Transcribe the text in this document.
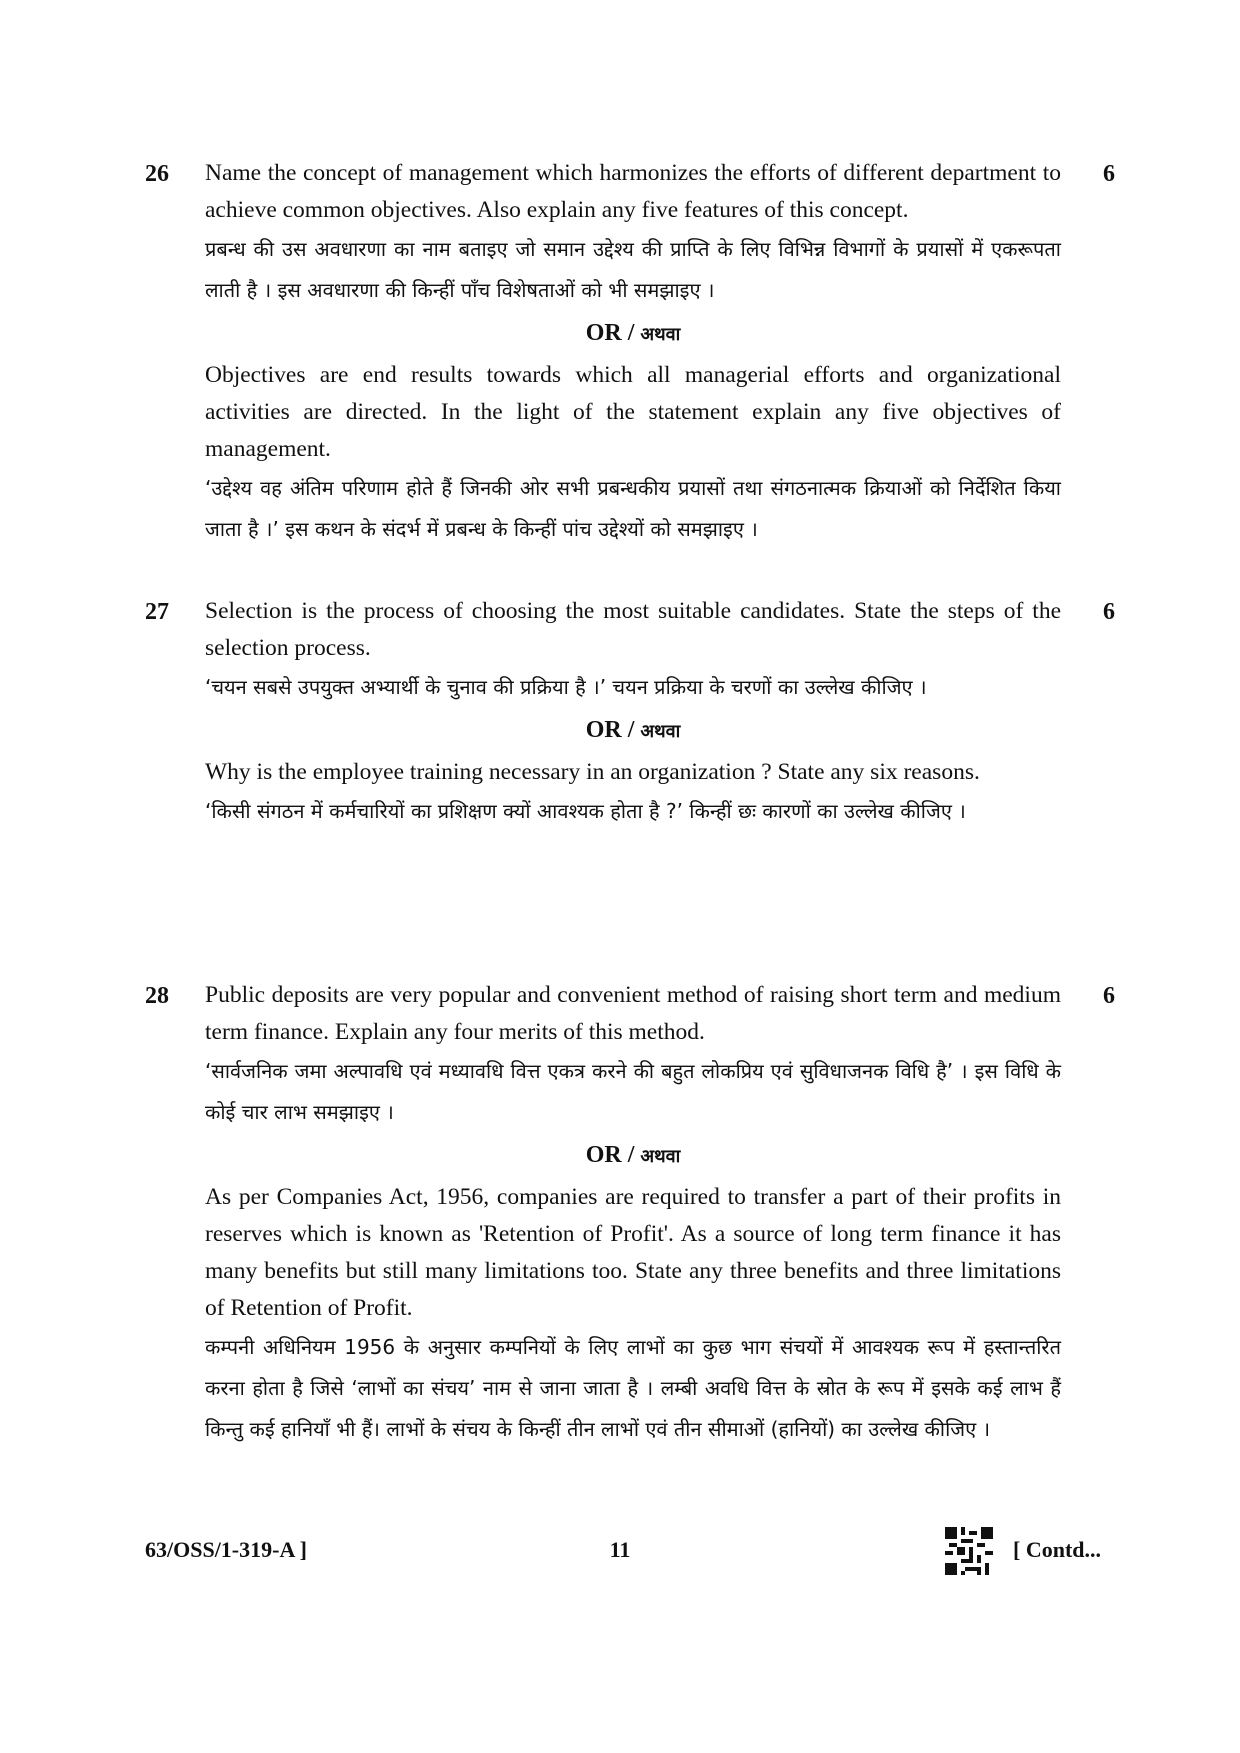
26 Name the concept of management which harmonizes the efforts of different department to achieve common objectives. Also explain any five features of this concept.

प्रबन्ध की उस अवधारणा का नाम बताइए जो समान उद्देश्य की प्राप्ति के लिए विभिन्न विभागों के प्रयासों में एकरूपता लाती है । इस अवधारणा की किन्हीं पाँच विशेषताओं को भी समझाइए ।

OR / अथवा

Objectives are end results towards which all managerial efforts and organizational activities are directed. In the light of the statement explain any five objectives of management.

‘उद्देश्य वह अंतिम परिणाम होते हैं जिनकी ओर सभी प्रबन्धकीय प्रयासों तथा संगठनात्मक क्रियाओं को निर्देशित किया जाता है ।’ इस कथन के संदर्भ में प्रबन्ध के किन्हीं पांच उद्देश्यों को समझाइए ।

6
27 Selection is the process of choosing the most suitable candidates. State the steps of the selection process.

‘चयन सबसे उपयुक्त अभ्यार्थी के चुनाव की प्रक्रिया है ।’ चयन प्रक्रिया के चरणों का उल्लेख कीजिए ।

OR / अथवा

Why is the employee training necessary in an organization ? State any six reasons.

‘किसी संगठन में कर्मचारियों का प्रशिक्षण क्यों आवश्यक होता है ?’ किन्हीं छः कारणों का उल्लेख कीजिए ।

6
28 Public deposits are very popular and convenient method of raising short term and medium term finance. Explain any four merits of this method.

‘सार्वजनिक जमा अल्पावधि एवं मध्यावधि वित्त एकत्र करने की बहुत लोकप्रिय एवं सुविधाजनक विधि है’ । इस विधि के कोई चार लाभ समझाइए ।

OR / अथवा

As per Companies Act, 1956, companies are required to transfer a part of their profits in reserves which is known as 'Retention of Profit'. As a source of long term finance it has many benefits but still many limitations too. State any three benefits and three limitations of Retention of Profit.

कम्पनी अधिनियम 1956 के अनुसार कम्पनियों के लिए लाभों का कुछ भाग संचयों में आवश्यक रूप में हस्तान्तरित करना होता है जिसे ‘लाभों का संचय’ नाम से जाना जाता है । लम्बी अवधि वित्त के स्रोत के रूप में इसके कई लाभ हैं किन्तु कई हानियाँ भी हैं। लाभों के संचय के किन्हीं तीन लाभों एवं तीन सीमाओं (हानियों) का उल्लेख कीजिए ।

6
63/OSS/1-319-A ]	11	[ Contd...
